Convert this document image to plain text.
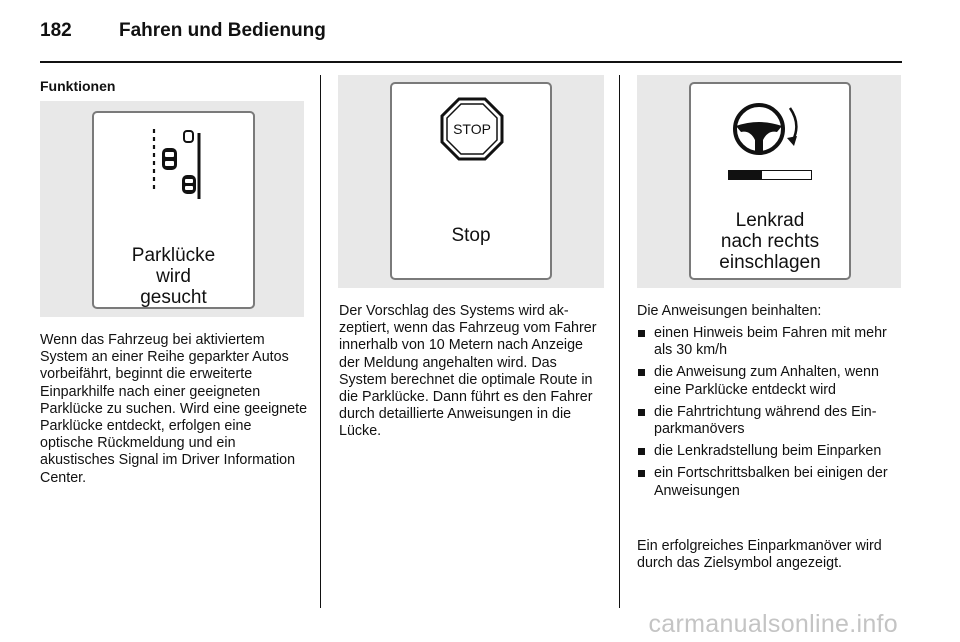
182 Fahren und Bedienung
Funktionen
Parklücke
wird
gesucht
Wenn das Fahrzeug bei aktiviertem System an einer Reihe geparkter Autos vorbeifährt, beginnt die erweiterte Einparkhilfe nach einer geeigneten Parklücke zu suchen. Wird eine geeignete Parklücke entdeckt, erfolgen eine optische Rückmeldung und ein akustisches Signal im Driver Information Center.
STOP
Stop
Der Vorschlag des Systems wird akzeptiert, wenn das Fahrzeug vom Fahrer innerhalb von 10 Metern nach Anzeige der Meldung angehalten wird. Das System berechnet die optimale Route in die Parklücke. Dann führt es den Fahrer durch detaillierte Anweisungen in die Lücke.
Lenkrad
nach rechts
einschlagen
Die Anweisungen beinhalten:
einen Hinweis beim Fahren mit mehr als 30 km/h
die Anweisung zum Anhalten, wenn eine Parklücke entdeckt wird
die Fahrtrichtung während des Einparkmanövers
die Lenkradstellung beim Einparken
ein Fortschrittsbalken bei einigen der Anweisungen
Ein erfolgreiches Einparkmanöver wird durch das Zielsymbol angezeigt.
carmanualsonline.info
